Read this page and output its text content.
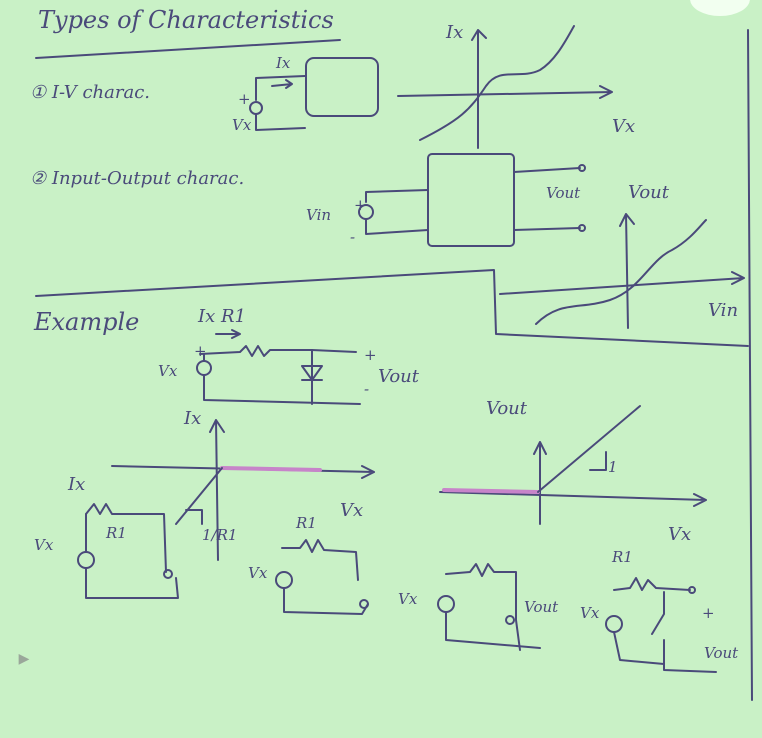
Types of Characteristics
① I-V charac.
② Input-Output charac.
Example
Ix
Vx
+
Ix
Vx
Vin
+
-
Vout	Vout
Vin
Ix R1
Vx
+	+
Vout
-
Ix
Vx
1/R1
Vout
Vx
1
Ix
R1
Vx
R1
Vx
Vx	Vout
R1
Vx	+
Vout
▶
